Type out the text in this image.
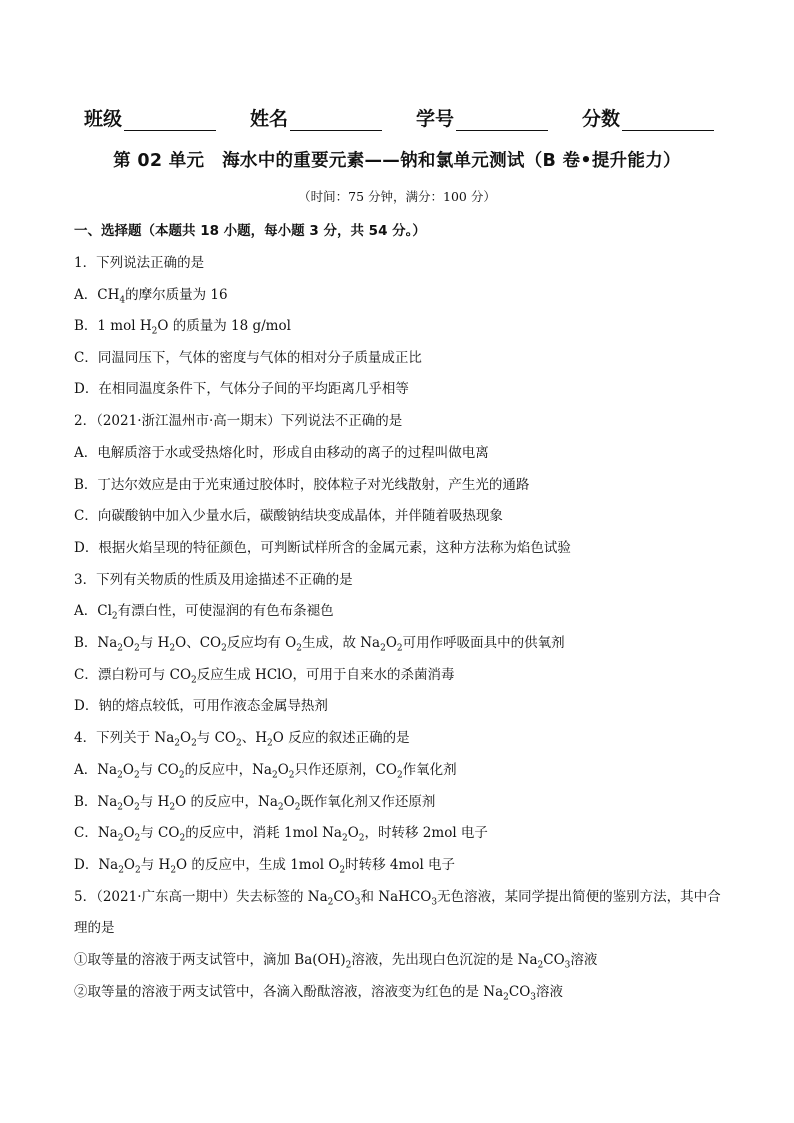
班级	姓名	学号	分数
第 02 单元　海水中的重要元素——钠和氯单元测试（B 卷•提升能力）
（时间：75 分钟，满分：100 分）
一、选择题（本题共 18 小题，每小题 3 分，共 54 分。）
1．下列说法正确的是
A．$CH_4$的摩尔质量为 16
B．1 mol $H_2O$ 的质量为 18 g/mol
C．同温同压下，气体的密度与气体的相对分子质量成正比
D．在相同温度条件下，气体分子间的平均距离几乎相等
2．（2021·浙江温州市·高一期末）下列说法不正确的是
A．电解质溶于水或受热熔化时，形成自由移动的离子的过程叫做电离
B．丁达尔效应是由于光束通过胶体时，胶体粒子对光线散射，产生光的通路
C．向碳酸钠中加入少量水后，碳酸钠结块变成晶体，并伴随着吸热现象
D．根据火焰呈现的特征颜色，可判断试样所含的金属元素，这种方法称为焰色试验
3．下列有关物质的性质及用途描述不正确的是
A．$Cl_2$有漂白性，可使湿润的有色布条褪色
B．$Na_2O_2$与 $H_2O$、$CO_2$反应均有 $O_2$生成，故 $Na_2O_2$可用作呼吸面具中的供氧剂
C．漂白粉可与 $CO_2$反应生成 HClO，可用于自来水的杀菌消毒
D．钠的熔点较低，可用作液态金属导热剂
4．下列关于 $Na_2O_2$与 $CO_2$、$H_2O$ 反应的叙述正确的是
A．$Na_2O_2$与 $CO_2$的反应中，$Na_2O_2$只作还原剂，$CO_2$作氧化剂
B．$Na_2O_2$与 $H_2O$ 的反应中，$Na_2O_2$既作氧化剂又作还原剂
C．$Na_2O_2$与 $CO_2$的反应中，消耗 1mol $Na_2O_2$，时转移 2mol 电子
D．$Na_2O_2$与 $H_2O$ 的反应中，生成 1mol $O_2$时转移 4mol 电子
5．（2021·广东高一期中）失去标签的 $Na_2CO_3$和 NaHCO$_3$无色溶液，某同学提出简便的鉴别方法，其中合
理的是
①取等量的溶液于两支试管中，滴加 $Ba(OH)_2$溶液，先出现白色沉淀的是 $Na_2CO_3$溶液
②取等量的溶液于两支试管中，各滴入酚酞溶液，溶液变为红色的是 $Na_2CO_3$溶液
